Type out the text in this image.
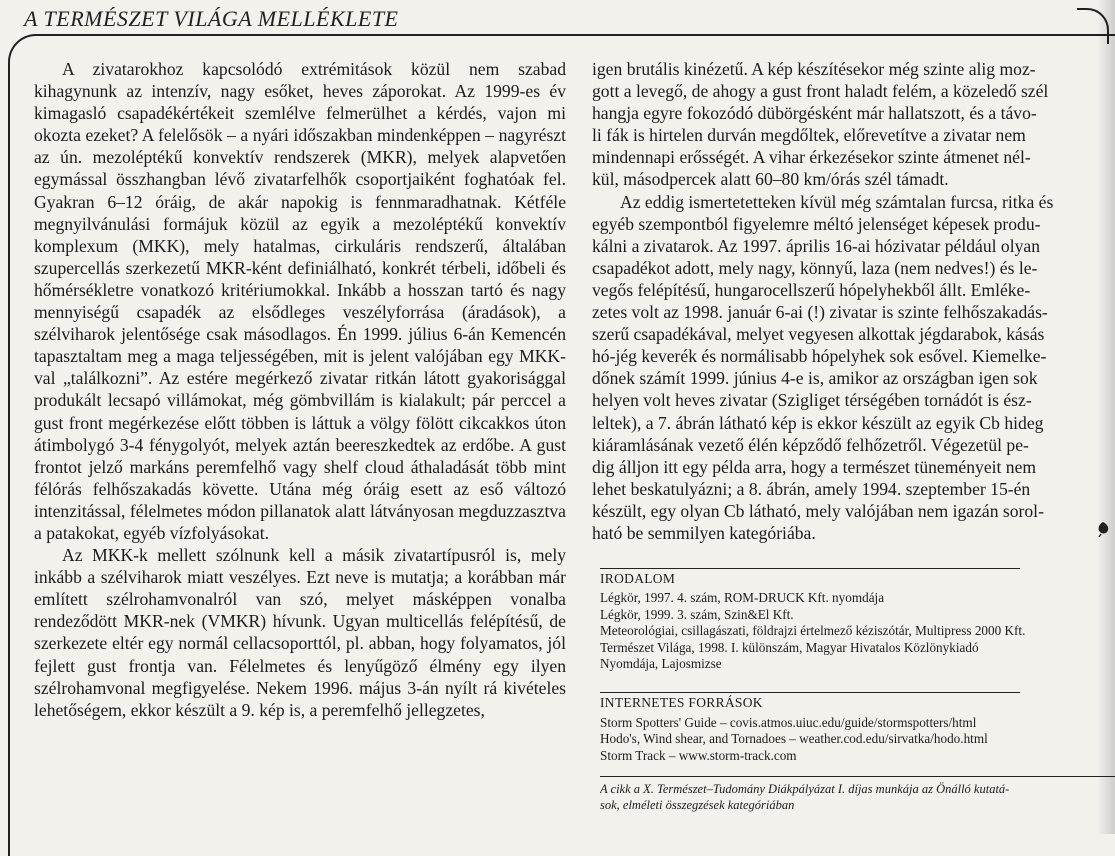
A TERMÉSZET VILÁGA MELLÉKLETE

A zivatarokhoz kapcsolódó extrémitások közül nem szabad kihagynunk az intenzív, nagy esőket, heves záporokat. Az 1999-es év kimagasló csapadékértékeit szemlélve felmerülhet a kérdés, vajon mi okozta ezeket? A felelősök – a nyári időszakban mindenképpen – nagyrészt az ún. mezoléptékű konvektív rendszerek (MKR), melyek alapvetően egymással összhangban lévő zivatarfelhők csoportjaiként foghatóak fel. Gyakran 6–12 óráig, de akár napokig is fennmaradhatnak. Kétféle megnyilvánulási formájuk közül az egyik a mezoléptékű konvektív komplexum (MKK), mely hatalmas, cirkuláris rendszerű, általában szupercellás szerkezetű MKR-ként definiálható, konkrét térbeli, időbeli és hőmérsékletre vonatkozó kritériumokkal. Inkább a hosszan tartó és nagy mennyiségű csapadék az elsődleges veszélyforrása (áradások), a szélviharok jelentősége csak másodlagos. Én 1999. július 6-án Kemencén tapasztaltam meg a maga teljességében, mit is jelent valójában egy MKK-val „találkozni”. Az estére megérkező zivatar ritkán látott gyakorisággal produkált lecsapó villámokat, még gömbvillám is kialakult; pár perccel a gust front megérkezése előtt többen is láttuk a völgy fölött cikcakkos úton átimbolygó 3-4 fénygolyót, melyek aztán beereszkedtek az erdőbe. A gust frontot jelző markáns peremfelhő vagy shelf cloud áthaladását több mint félórás felhőszakadás követte. Utána még óráig esett az eső változó intenzitással, félelmetes módon pillanatok alatt látványosan megduzzasztva a patakokat, egyéb vízfolyásokat.

Az MKK-k mellett szólnunk kell a másik zivatartípusról is, mely inkább a szélviharok miatt veszélyes. Ezt neve is mutatja; a korábban már említett szélrohamvonalról van szó, melyet másképpen vonalba rendeződött MKR-nek (VMKR) hívunk. Ugyan multicellás felépítésű, de szerkezete eltér egy normál cellacsoporttól, pl. abban, hogy folyamatos, jól fejlett gust frontja van. Félelmetes és lenyűgöző élmény egy ilyen szélrohamvonal megfigyelése. Nekem 1996. május 3-án nyílt rá kivételes lehetőségem, ekkor készült a 9. kép is, a peremfelhő jellegzetes,

igen brutális kinézetű. A kép készítésekor még szinte alig moz-
gott a levegő, de ahogy a gust front haladt felém, a közeledő szél
hangja egyre fokozódó dübörgésként már hallatszott, és a távo-
li fák is hirtelen durván megdőltek, előrevetítve a zivatar nem
mindennapi erősségét. A vihar érkezésekor szinte átmenet nél-
kül, másodpercek alatt 60–80 km/órás szél támadt.
Az eddig ismertetetteken kívül még számtalan furcsa, ritka és
egyéb szempontból figyelemre méltó jelenséget képesek produ-
kálni a zivatarok. Az 1997. április 16-ai hózivatar például olyan
csapadékot adott, mely nagy, könnyű, laza (nem nedves!) és le-
vegős felépítésű, hungarocellszerű hópelyhekből állt. Emléke-
zetes volt az 1998. január 6-ai (!) zivatar is szinte felhőszakadás-
szerű csapadékával, melyet vegyesen alkottak jégdarabok, kásás
hó-jég keverék és normálisabb hópelyhek sok esővel. Kiemelke-
dőnek számít 1999. június 4-e is, amikor az országban igen sok
helyen volt heves zivatar (Szigliget térségében tornádót is ész-
leltek), a 7. ábrán látható kép is ekkor készült az egyik Cb hideg
kiáramlásának vezető élén képződő felhőzetről. Végezetül pe-
dig álljon itt egy példa arra, hogy a természet tüneményeit nem
lehet beskatulyázni; a 8. ábrán, amely 1994. szeptember 15-én
készült, egy olyan Cb látható, mely valójában nem igazán sorol-
ható be semmilyen kategóriába.
IRODALOM
Légkör, 1997. 4. szám, ROM-DRUCK Kft. nyomdája
Légkör, 1999. 3. szám, Szin&El Kft.
Meteorológiai, csillagászati, földrajzi értelmező kéziszótár, Multipress 2000 Kft.
Természet Világa, 1998. I. különszám, Magyar Hivatalos Közlönykiadó
Nyomdája, Lajosmizse
INTERNETES FORRÁSOK
Storm Spotters' Guide – covis.atmos.uiuc.edu/guide/stormspotters/html
Hodo's, Wind shear, and Tornadoes – weather.cod.edu/sirvatka/hodo.html
Storm Track – www.storm-track.com
A cikk a X. Természet–Tudomány Diákpályázat I. díjas munkája az Önálló kutatá-
sok, elméleti összegzések kategóriában
